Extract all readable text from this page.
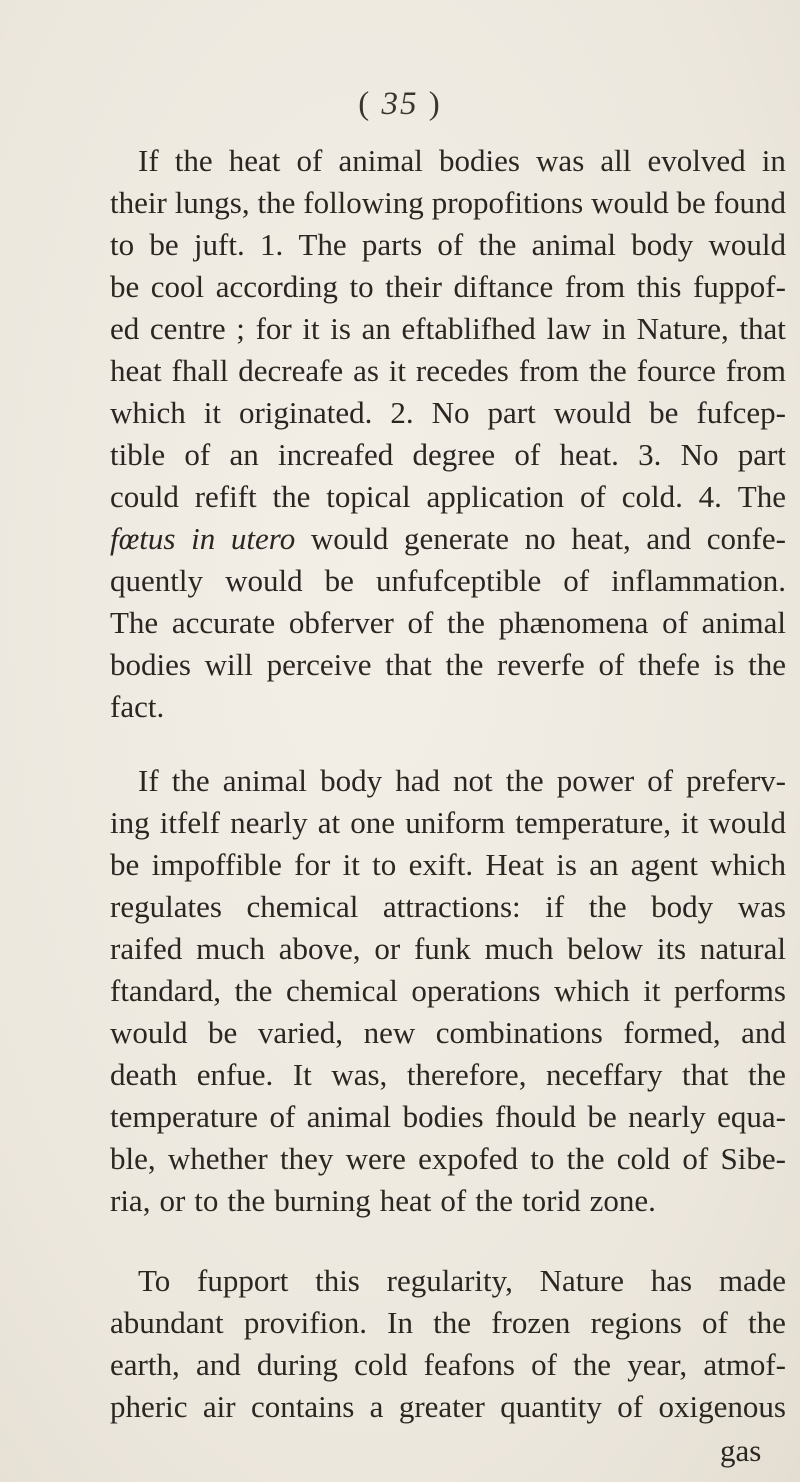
( 35 )
If the heat of animal bodies was all evolved in
their lungs, the following propofitions would be found
to be juft. 1. The parts of the animal body would
be cool according to their diftance from this fuppof-
ed centre ; for it is an eftablifhed law in Nature, that
heat fhall decreafe as it recedes from the fource from
which it originated. 2. No part would be fufcep-
tible of an increafed degree of heat. 3. No part
could refift the topical application of cold. 4. The
fœtus in utero would generate no heat, and confe-
quently would be unfufceptible of inflammation.
The accurate obferver of the phænomena of animal
bodies will perceive that the reverfe of thefe is the
fact.
If the animal body had not the power of preferv-
ing itfelf nearly at one uniform temperature, it would
be impoffible for it to exift. Heat is an agent which
regulates chemical attractions: if the body was
raifed much above, or funk much below its natural
ftandard, the chemical operations which it performs
would be varied, new combinations formed, and
death enfue. It was, therefore, neceffary that the
temperature of animal bodies fhould be nearly equa-
ble, whether they were expofed to the cold of Sibe-
ria, or to the burning heat of the torid zone.
To fupport this regularity, Nature has made
abundant provifion. In the frozen regions of the
earth, and during cold feafons of the year, atmof-
pheric air contains a greater quantity of oxigenous
gas
